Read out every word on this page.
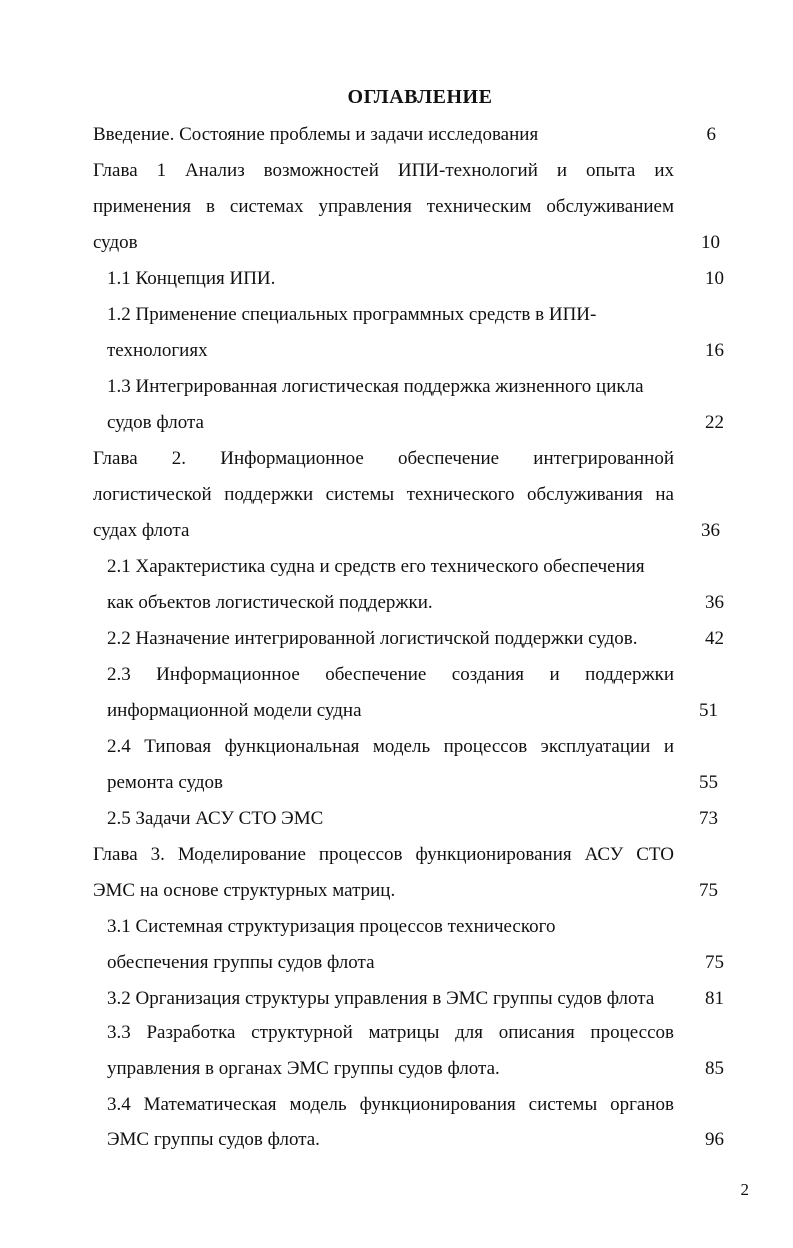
ОГЛАВЛЕНИЕ
Введение. Состояние проблемы и задачи исследования	6
Глава 1 Анализ возможностей ИПИ-технологий и опыта их
применения в системах управления техническим обслуживанием
судов	10
1.1 Концепция ИПИ.	10
1.2 Применение специальных программных средств в ИПИ-
технологиях	16
1.3 Интегрированная логистическая поддержка жизненного цикла
судов флота	22
Глава 2. Информационное обеспечение интегрированной
логистической поддержки системы технического обслуживания на
судах флота	36
2.1 Характеристика судна и средств его технического обеспечения
как объектов логистической поддержки.	36
2.2 Назначение интегрированной логистичской поддержки судов.	42
2.3 Информационное обеспечение создания и поддержки
информационной модели судна	51
2.4 Типовая функциональная модель процессов эксплуатации и
ремонта судов	55
2.5 Задачи АСУ СТО ЭМС	73
Глава 3. Моделирование процессов функционирования АСУ СТО
ЭМС на основе структурных матриц.	75
3.1 Системная структуризация процессов технического
обеспечения группы судов флота	75
3.2 Организация структуры управления в ЭМС группы судов флота	81
3.3 Разработка структурной матрицы для описания процессов
управления в органах ЭМС группы судов флота.	85
3.4 Математическая модель функционирования системы органов
ЭМС группы судов флота.	96
2
